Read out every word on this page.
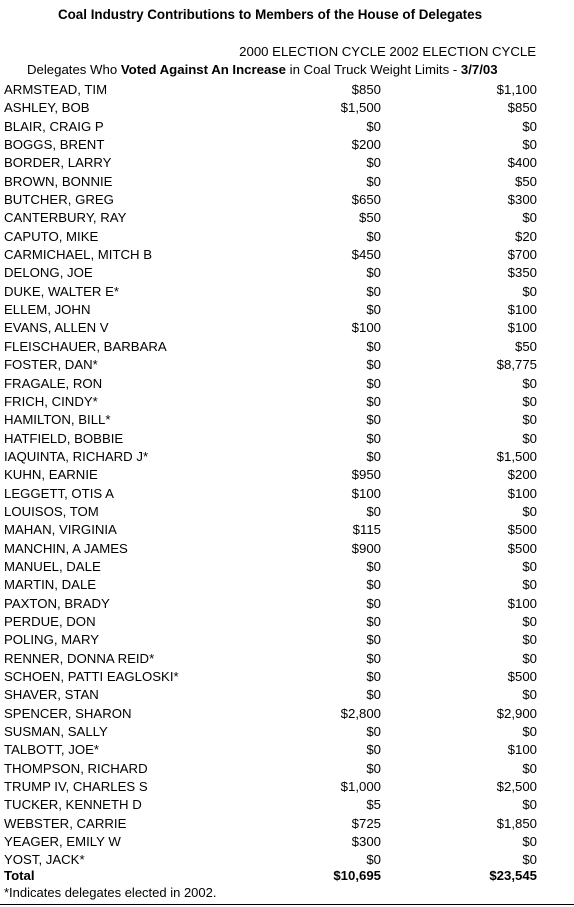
Coal Industry Contributions to Members of the House of Delegates
2000 ELECTION CYCLE 2002 ELECTION CYCLE
Delegates Who Voted Against An Increase in Coal Truck Weight Limits - 3/7/03
ARMSTEAD, TIM	$850	$1,100
ASHLEY, BOB	$1,500	$850
BLAIR, CRAIG P	$0	$0
BOGGS, BRENT	$200	$0
BORDER, LARRY	$0	$400
BROWN, BONNIE	$0	$50
BUTCHER, GREG	$650	$300
CANTERBURY, RAY	$50	$0
CAPUTO, MIKE	$0	$20
CARMICHAEL, MITCH B	$450	$700
DELONG, JOE	$0	$350
DUKE, WALTER E*	$0	$0
ELLEM, JOHN	$0	$100
EVANS, ALLEN V	$100	$100
FLEISCHAUER, BARBARA	$0	$50
FOSTER, DAN*	$0	$8,775
FRAGALE, RON	$0	$0
FRICH, CINDY*	$0	$0
HAMILTON, BILL*	$0	$0
HATFIELD, BOBBIE	$0	$0
IAQUINTA, RICHARD J*	$0	$1,500
KUHN, EARNIE	$950	$200
LEGGETT, OTIS A	$100	$100
LOUISOS, TOM	$0	$0
MAHAN, VIRGINIA	$115	$500
MANCHIN, A JAMES	$900	$500
MANUEL, DALE	$0	$0
MARTIN, DALE	$0	$0
PAXTON, BRADY	$0	$100
PERDUE, DON	$0	$0
POLING, MARY	$0	$0
RENNER, DONNA REID*	$0	$0
SCHOEN, PATTI EAGLOSKI*	$0	$500
SHAVER, STAN	$0	$0
SPENCER, SHARON	$2,800	$2,900
SUSMAN, SALLY	$0	$0
TALBOTT, JOE*	$0	$100
THOMPSON, RICHARD	$0	$0
TRUMP IV, CHARLES S	$1,000	$2,500
TUCKER, KENNETH D	$5	$0
WEBSTER, CARRIE	$725	$1,850
YEAGER, EMILY W	$300	$0
YOST, JACK*	$0	$0
Total	$10,695	$23,545
*Indicates delegates elected in 2002.
